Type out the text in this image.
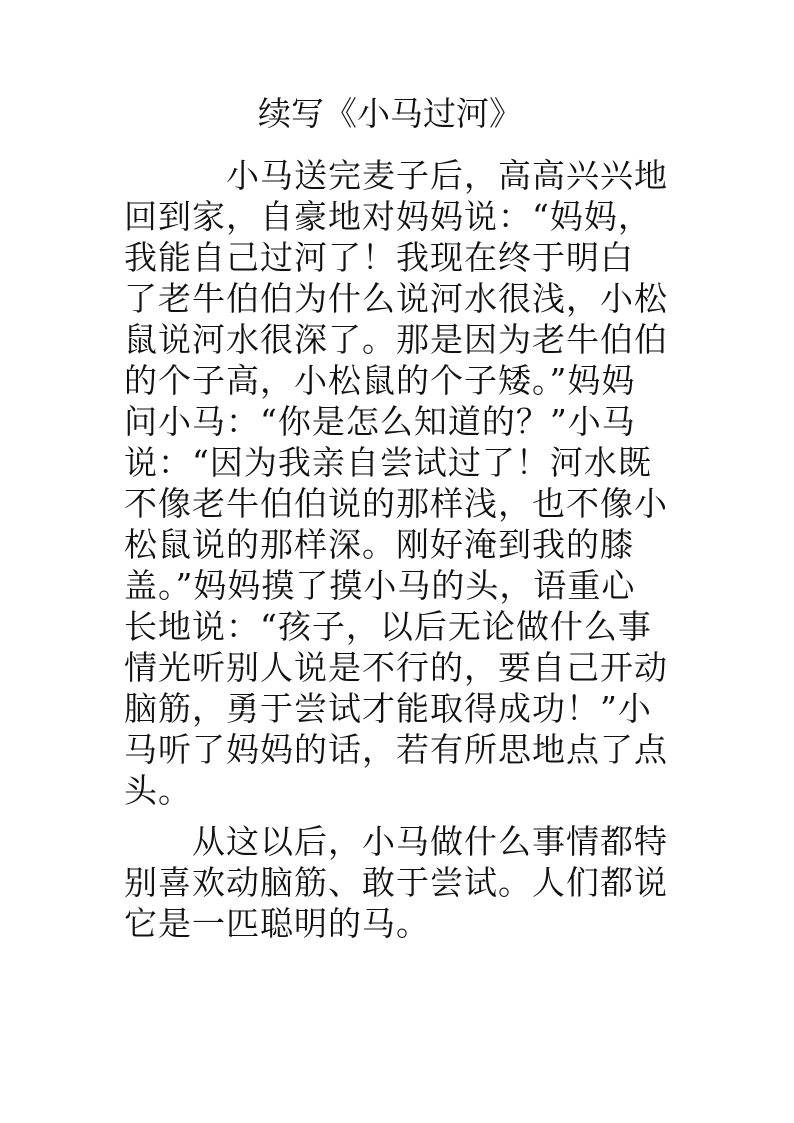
续写《小马过河》
小马送完麦子后，高高兴兴地
回到家，自豪地对妈妈说：“妈妈，
我能自己过河了！我现在终于明白
了老牛伯伯为什么说河水很浅，小松
鼠说河水很深了。那是因为老牛伯伯
的个子高，小松鼠的个子矮。”妈妈
问小马：“你是怎么知道的？”小马
说：“因为我亲自尝试过了！河水既
不像老牛伯伯说的那样浅，也不像小
松鼠说的那样深。刚好淹到我的膝
盖。”妈妈摸了摸小马的头，语重心
长地说：“孩子，以后无论做什么事
情光听别人说是不行的，要自己开动
脑筋，勇于尝试才能取得成功！”小
马听了妈妈的话，若有所思地点了点
头。
从这以后，小马做什么事情都特
别喜欢动脑筋、敢于尝试。人们都说
它是一匹聪明的马。
